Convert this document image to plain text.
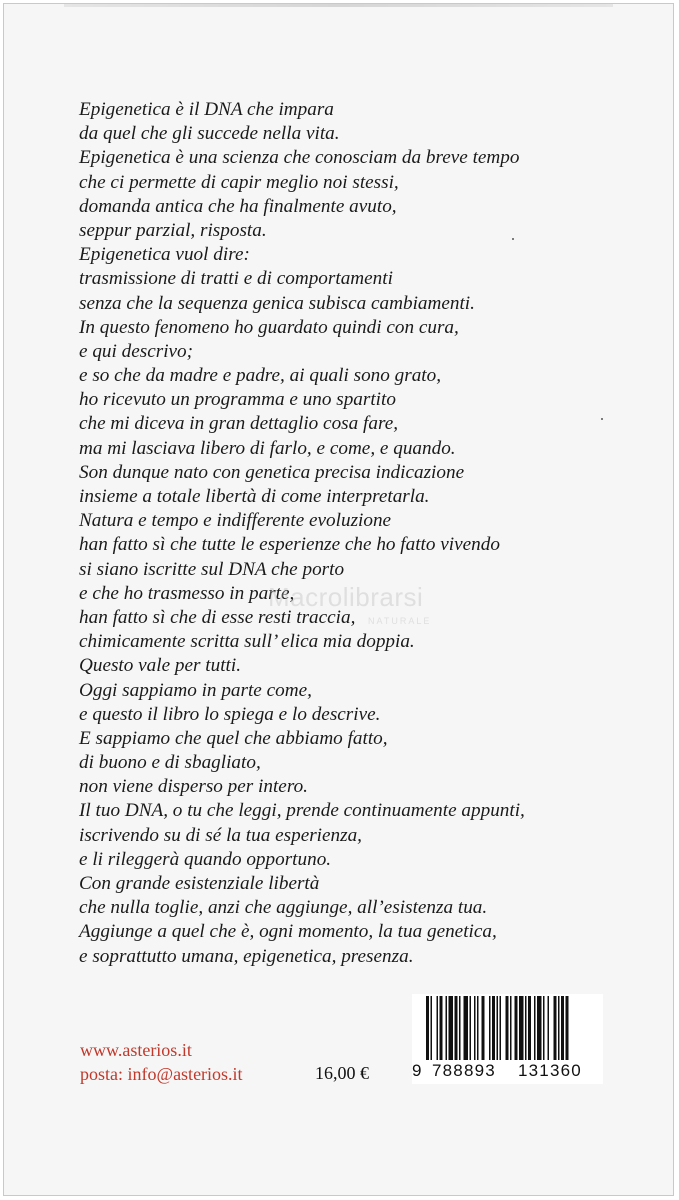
Epigenetica è il DNA che impara
da quel che gli succede nella vita.
Epigenetica è una scienza che conosciam da breve tempo
che ci permette di capir meglio noi stessi,
domanda antica che ha finalmente avuto,
seppur parzial, risposta.
Epigenetica vuol dire:
trasmissione di tratti e di comportamenti
senza che la sequenza genica subisca cambiamenti.
In questo fenomeno ho guardato quindi con cura,
e qui descrivo;
e so che da madre e padre, ai quali sono grato,
ho ricevuto un programma e uno spartito
che mi diceva in gran dettaglio cosa fare,
ma mi lasciava libero di farlo, e come, e quando.
Son dunque nato con genetica precisa indicazione
insieme a totale libertà di come interpretarla.
Natura e tempo e indifferente evoluzione
han fatto sì che tutte le esperienze che ho fatto vivendo
si siano iscritte sul DNA che porto
e che ho trasmesso in parte,
han fatto sì che di esse resti traccia,
chimicamente scritta sull’ elica mia doppia.
Questo vale per tutti.
Oggi sappiamo in parte come,
e questo il libro lo spiega e lo descrive.
E sappiamo che quel che abbiamo fatto,
di buono e di sbagliato,
non viene disperso per intero.
Il tuo DNA, o tu che leggi, prende continuamente appunti,
iscrivendo su di sé la tua esperienza,
e li rileggerà quando opportuno.
Con grande esistenziale libertà
che nulla toglie, anzi che aggiunge, all’esistenza tua.
Aggiunge a quel che è, ogni momento, la tua genetica,
e soprattutto umana, epigenetica, presenza.
Macrolibrarsi
NATURALE
www.asterios.it
posta: info@asterios.it	16,00 €	9 788893 131360
